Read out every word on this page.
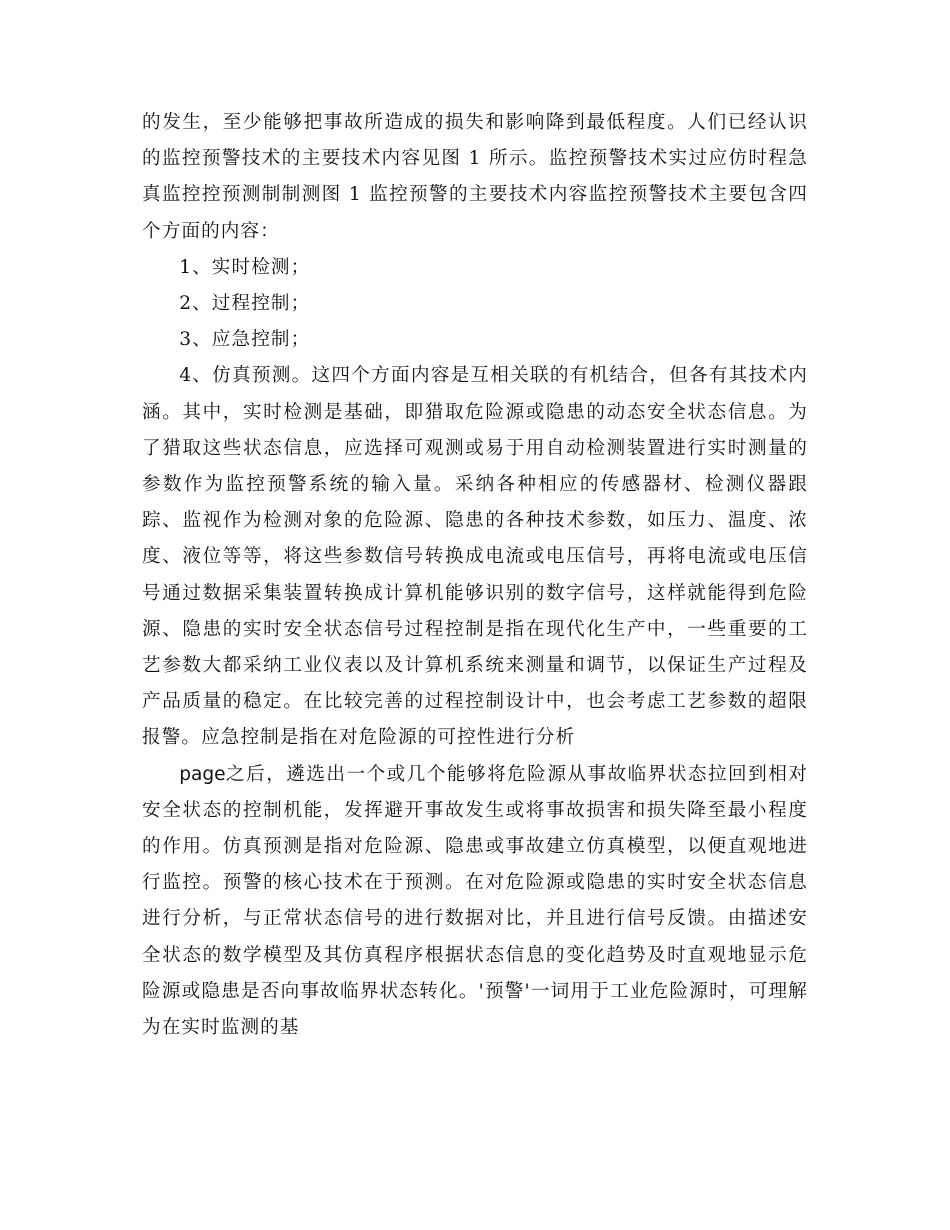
的发生，至少能够把事故所造成的损失和影响降到最低程度。人们已经认识的监控预警技术的主要技术内容见图 1 所示。监控预警技术实过应仿时程急真监控控预测制制测图 1 监控预警的主要技术内容监控预警技术主要包含四个方面的内容：

1、实时检测；

2、过程控制；

3、应急控制；

4、仿真预测。这四个方面内容是互相关联的有机结合，但各有其技术内涵。其中，实时检测是基础，即猎取危险源或隐患的动态安全状态信息。为了猎取这些状态信息，应选择可观测或易于用自动检测装置进行实时测量的参数作为监控预警系统的输入量。采纳各种相应的传感器材、检测仪器跟踪、监视作为检测对象的危险源、隐患的各种技术参数，如压力、温度、浓度、液位等等，将这些参数信号转换成电流或电压信号，再将电流或电压信号通过数据采集装置转换成计算机能够识别的数字信号，这样就能得到危险源、隐患的实时安全状态信号过程控制是指在现代化生产中，一些重要的工艺参数大都采纳工业仪表以及计算机系统来测量和调节，以保证生产过程及产品质量的稳定。在比较完善的过程控制设计中，也会考虑工艺参数的超限报警。应急控制是指在对危险源的可控性进行分析

page之后，遴选出一个或几个能够将危险源从事故临界状态拉回到相对安全状态的控制机能，发挥避开事故发生或将事故损害和损失降至最小程度的作用。仿真预测是指对危险源、隐患或事故建立仿真模型，以便直观地进行监控。预警的核心技术在于预测。在对危险源或隐患的实时安全状态信息进行分析，与正常状态信号的进行数据对比，并且进行信号反馈。由描述安全状态的数学模型及其仿真程序根据状态信息的变化趋势及时直观地显示危险源或隐患是否向事故临界状态转化。'预警'一词用于工业危险源时，可理解为在实时监测的基
